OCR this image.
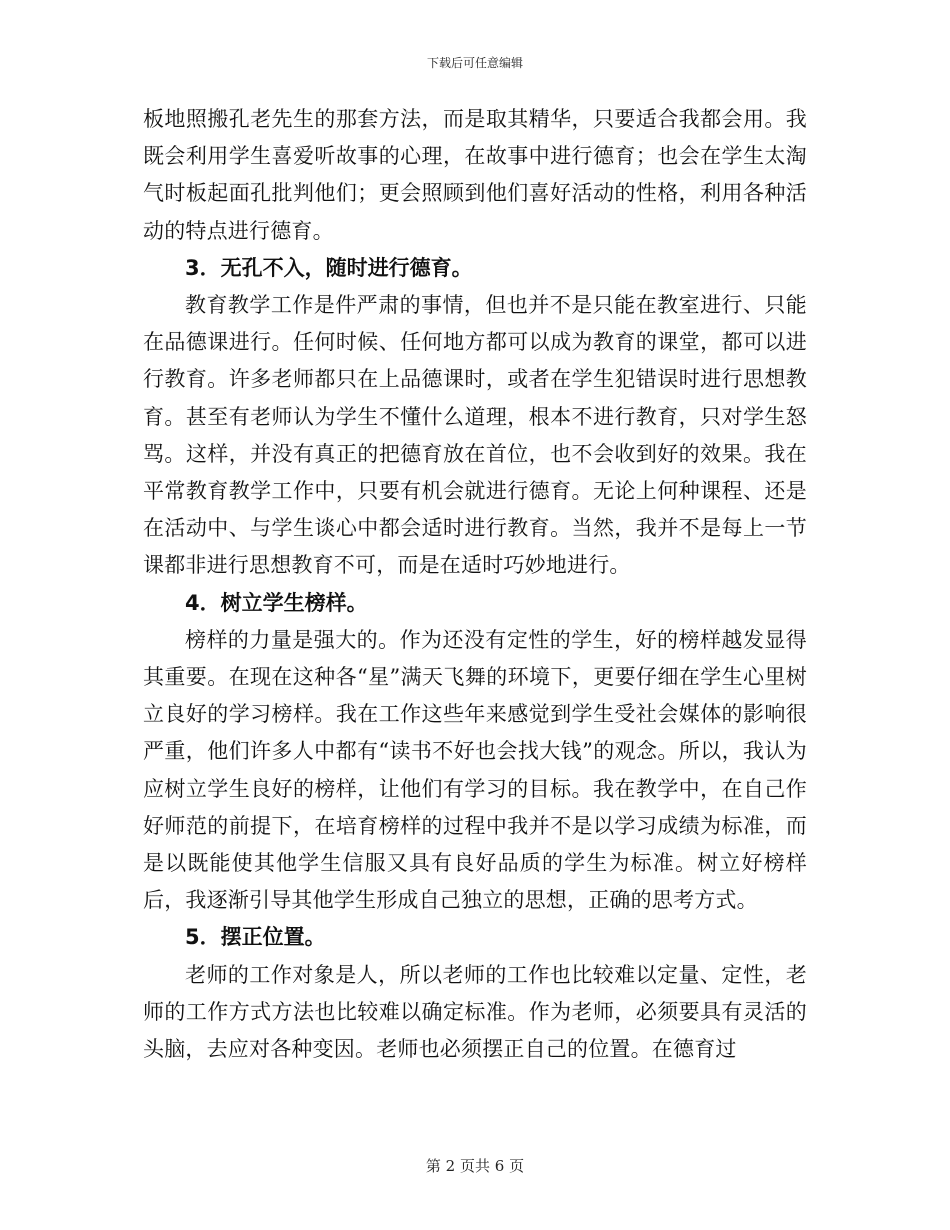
下载后可任意编辑

板地照搬孔老先生的那套方法，而是取其精华，只要适合我都会用。我既会利用学生喜爱听故事的心理，在故事中进行德育；也会在学生太淘气时板起面孔批判他们；更会照顾到他们喜好活动的性格，利用各种活动的特点进行德育。

3．无孔不入，随时进行德育。

教育教学工作是件严肃的事情，但也并不是只能在教室进行、只能在品德课进行。任何时候、任何地方都可以成为教育的课堂，都可以进行教育。许多老师都只在上品德课时，或者在学生犯错误时进行思想教育。甚至有老师认为学生不懂什么道理，根本不进行教育，只对学生怒骂。这样，并没有真正的把德育放在首位，也不会收到好的效果。我在平常教育教学工作中，只要有机会就进行德育。无论上何种课程、还是在活动中、与学生谈心中都会适时进行教育。当然，我并不是每上一节课都非进行思想教育不可，而是在适时巧妙地进行。

4．树立学生榜样。

榜样的力量是强大的。作为还没有定性的学生，好的榜样越发显得其重要。在现在这种各“星”满天飞舞的环境下，更要仔细在学生心里树立良好的学习榜样。我在工作这些年来感觉到学生受社会媒体的影响很严重，他们许多人中都有“读书不好也会找大钱”的观念。所以，我认为应树立学生良好的榜样，让他们有学习的目标。我在教学中，在自己作好师范的前提下，在培育榜样的过程中我并不是以学习成绩为标准，而是以既能使其他学生信服又具有良好品质的学生为标准。树立好榜样后，我逐渐引导其他学生形成自己独立的思想，正确的思考方式。

5．摆正位置。

老师的工作对象是人，所以老师的工作也比较难以定量、定性，老师的工作方式方法也比较难以确定标准。作为老师，必须要具有灵活的头脑，去应对各种变因。老师也必须摆正自己的位置。在德育过

第 2 页共 6 页
